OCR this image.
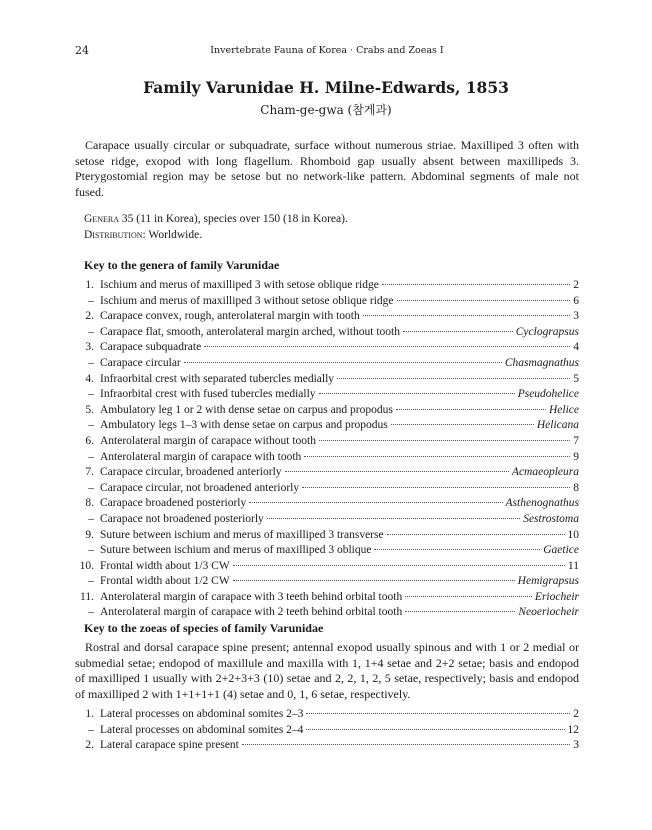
24	Invertebrate Fauna of Korea · Crabs and Zoeas I
Family Varunidae H. Milne-Edwards, 1853
Cham-ge-gwa (참게과)

Carapace usually circular or subquadrate, surface without numerous striae. Maxilliped 3 often with setose ridge, exopod with long flagellum. Rhomboid gap usually absent between maxillipeds 3. Pterygostomial region may be setose but no network-like pattern. Abdominal segments of male not fused.

Genera 35 (11 in Korea), species over 150 (18 in Korea).
Distribution: Worldwide.
Key to the genera of family Varunidae
1. Ischium and merus of maxilliped 3 with setose oblique ridge	2
– Ischium and merus of maxilliped 3 without setose oblique ridge	6
2. Carapace convex, rough, anterolateral margin with tooth	3
– Carapace flat, smooth, anterolateral margin arched, without tooth	Cyclograpsus
3. Carapace subquadrate	4
– Carapace circular	Chasmagnathus
4. Infraorbital crest with separated tubercles medially	5
– Infraorbital crest with fused tubercles medially	Pseudohelice
5. Ambulatory leg 1 or 2 with dense setae on carpus and propodus	Helice
– Ambulatory legs 1–3 with dense setae on carpus and propodus	Helicana
6. Anterolateral margin of carapace without tooth	7
– Anterolateral margin of carapace with tooth	9
7. Carapace circular, broadened anteriorly	Acmaeopleura
– Carapace circular, not broadened anteriorly	8
8. Carapace broadened posteriorly	Asthenognathus
– Carapace not broadened posteriorly	Sestrostoma
9. Suture between ischium and merus of maxilliped 3 transverse	10
– Suture between ischium and merus of maxilliped 3 oblique	Gaetice
10. Frontal width about 1/3 CW	11
– Frontal width about 1/2 CW	Hemigrapsus
11. Anterolateral margin of carapace with 3 teeth behind orbital tooth	Eriocheir
– Anterolateral margin of carapace with 2 teeth behind orbital tooth	Neoeriocheir
Key to the zoeas of species of family Varunidae

Rostral and dorsal carapace spine present; antennal exopod usually spinous and with 1 or 2 medial or submedial setae; endopod of maxillule and maxilla with 1, 1+4 setae and 2+2 setae; basis and endopod of maxilliped 1 usually with 2+2+3+3 (10) setae and 2, 2, 1, 2, 5 setae, respectively; basis and endopod of maxilliped 2 with 1+1+1+1 (4) setae and 0, 1, 6 setae, respectively.

1. Lateral processes on abdominal somites 2–3	2
– Lateral processes on abdominal somites 2–4	12
2. Lateral carapace spine present	3
